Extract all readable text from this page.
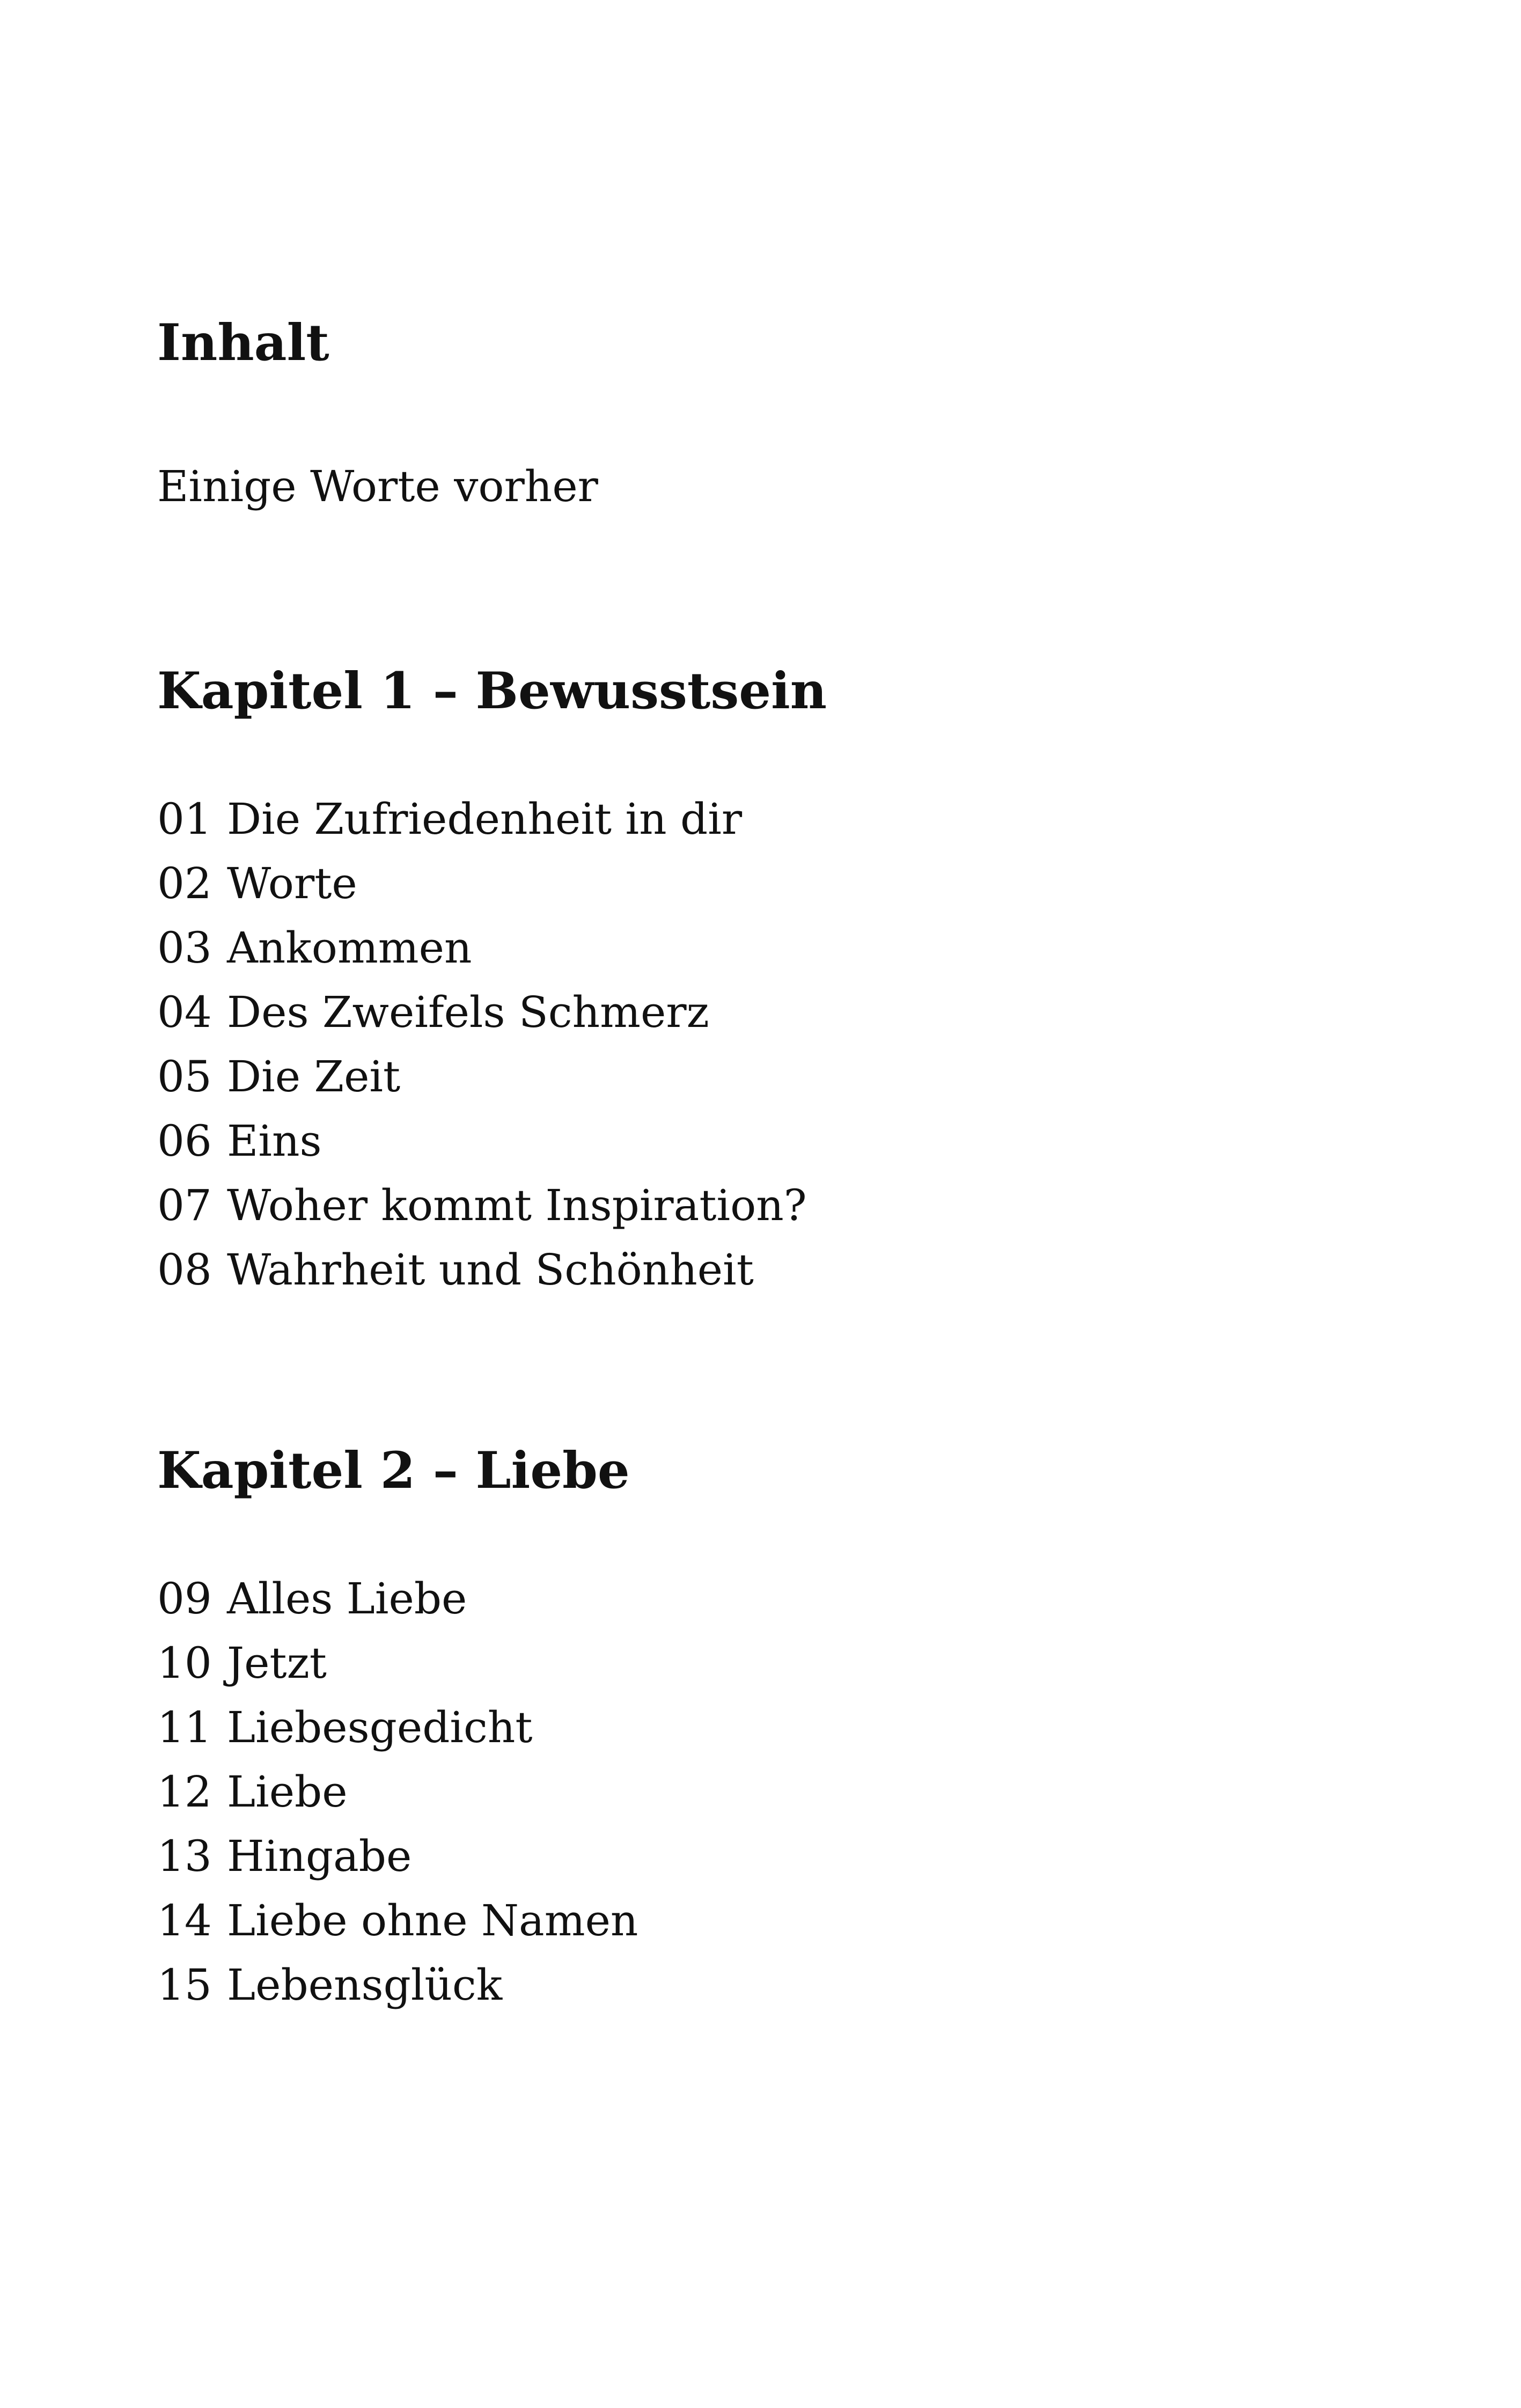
Inhalt

Einige Worte vorher

Kapitel 1 – Bewusstsein
01 Die Zufriedenheit in dir
02 Worte
03 Ankommen
04 Des Zweifels Schmerz
05 Die Zeit
06 Eins
07 Woher kommt Inspiration?
08 Wahrheit und Schönheit
Kapitel 2 – Liebe
09 Alles Liebe
10 Jetzt
11 Liebesgedicht
12 Liebe
13 Hingabe
14 Liebe ohne Namen
15 Lebensglück
